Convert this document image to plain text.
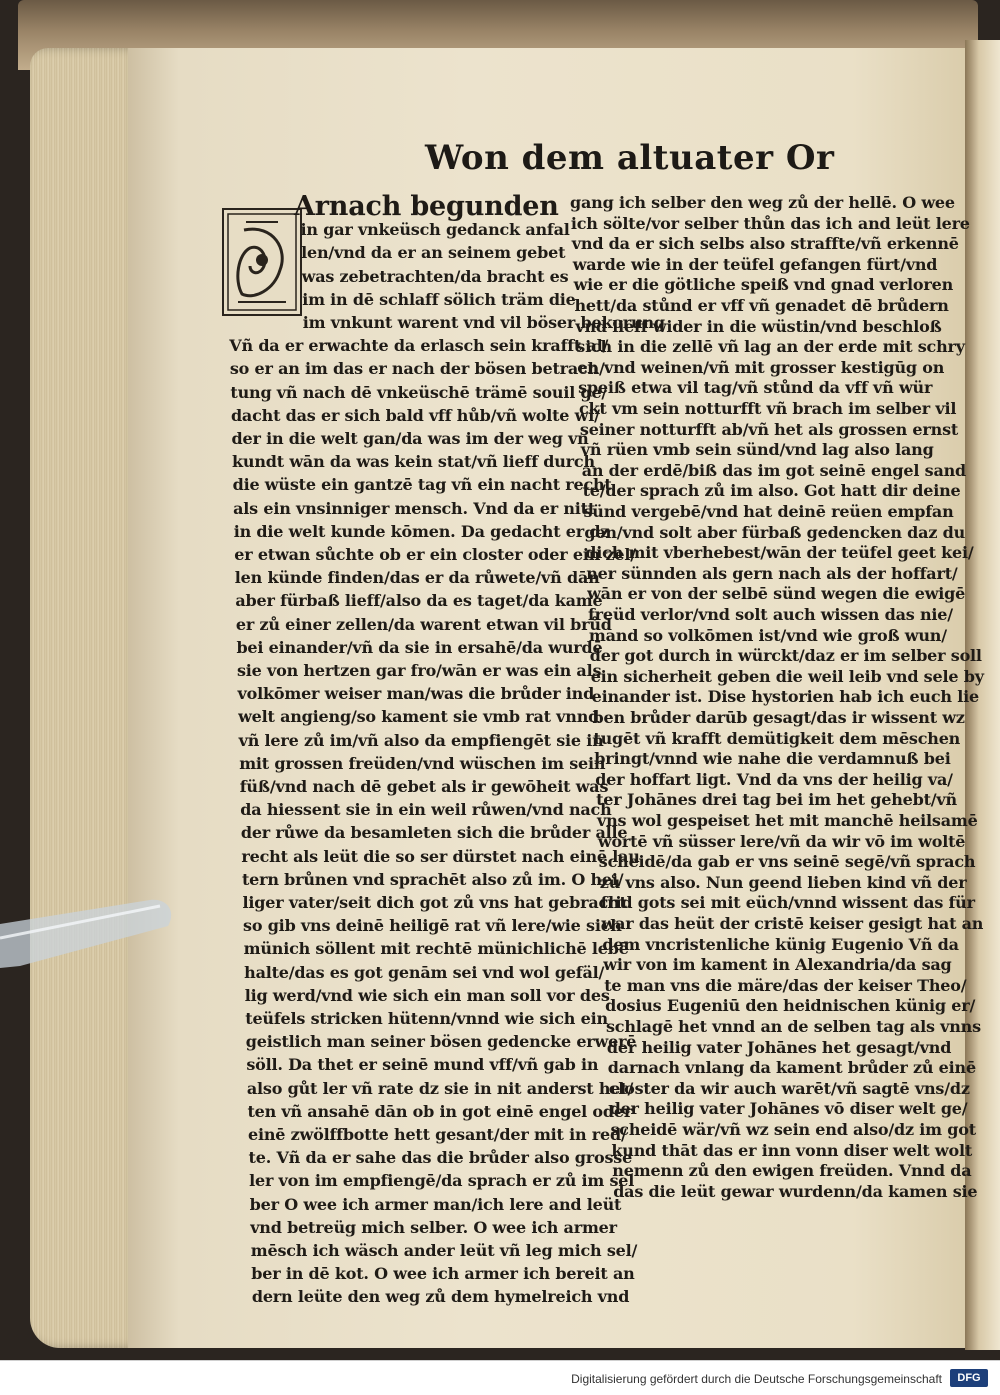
Won dem altuater Or
Arnach begunden
in gar vnkeüsch gedanck anfal
len/vnd da er an seinem gebet
was zebetrachten/da bracht es
im in dē schlaff sölich träm die
im vnkunt warent vnd vil böser bekorung
Vñ da er erwachte da erlasch sein krafft al/
so er an im das er nach der bösen betrach/
tung vñ nach dē vnkeüschē trämē souil ge/
dacht das er sich bald vff hůb/vñ wolte wi/
der in die welt gan/da was im der weg vn
kundt wān da was kein stat/vñ lieff durch
die wüste ein gantzē tag vñ ein nacht recht
als ein vnsinniger mensch. Vnd da er nitt
in die welt kunde kōmen. Da gedacht er dz
er etwan sůchte ob er ein closter oder ein zel/
len künde finden/das er da růwete/vñ dān
aber fürbaß lieff/also da es taget/da kame
er zů einer zellen/da warent etwan vil brůd
bei einander/vñ da sie in ersahē/da wurdē
sie von hertzen gar fro/wān er was ein als
volkōmer weiser man/was die brůder ind
welt angieng/so kament sie vmb rat vnnd
vñ lere zů im/vñ also da empfiengēt sie in
mit grossen freüden/vnd wüschen im sein
füß/vnd nach dē gebet als ir gewōheit was
da hiessent sie in ein weil růwen/vnd nach
der růwe da besamleten sich die brůder alle
recht als leüt die so ser dürstet nach einē lau
tern brůnen vnd sprachēt also zů im. O hei/
liger vater/seit dich got zů vns hat gebracht
so gib vns deinē heiligē rat vñ lere/wie sich
münich söllent mit rechtē münichlichē lebē
halte/das es got genām sei vnd wol gefäl/
lig werd/vnd wie sich ein man soll vor des
teüfels stricken hütenn/vnnd wie sich ein
geistlich man seiner bösen gedencke erwerē
söll. Da thet er seinē mund vff/vñ gab in
also gůt ler vñ rate dz sie in nit anderst het/
ten vñ ansahē dān ob in got einē engel oder
einē zwölffbotte hett gesant/der mit in red/
te. Vñ da er sahe das die brůder also grosse
ler von im empfiengē/da sprach er zů im sel
ber O wee ich armer man/ich lere and leüt
vnd betreüg mich selber. O wee ich armer
mēsch ich wäsch ander leüt vñ leg mich sel/
ber in dē kot. O wee ich armer ich bereit an
dern leüte den weg zů dem hymelreich vnd
gang ich selber den weg zů der hellē. O wee
ich sölte/vor selber thůn das ich and leüt lere
vnd da er sich selbs also straffte/vñ erkennē
warde wie in der teüfel gefangen fürt/vnd
wie er die götliche speiß vnd gnad verloren
hett/da stůnd er vff vñ genadet dē brůdern
vnd lieff wider in die wüstin/vnd beschloß
sich in die zellē vñ lag an der erde mit schry
en vnd weinen/vñ mit grosser kestigūg on
speiß etwa vil tag/vñ stůnd da vff vñ wür
ckt vm sein notturfft vñ brach im selber vil
seiner notturfft ab/vñ het als grossen ernst
vñ rüen vmb sein sünd/vnd lag also lang
an der erdē/biß das im got seinē engel sand
te/der sprach zů im also. Got hatt dir deine
sünd vergebē/vnd hat deinē reüen empfan
gen/vnd solt aber fürbaß gedencken daz du
dich mit vberhebest/wān der teüfel geet kei/
ner sünnden als gern nach als der hoffart/
wān er von der selbē sünd wegen die ewigē
freüd verlor/vnd solt auch wissen das nie/
mand so volkōmen ist/vnd wie groß wun/
der got durch in würckt/daz er im selber soll
ein sicherheit geben die weil leib vnd sele by
einander ist. Dise hystorien hab ich euch lie
ben brůder darūb gesagt/das ir wissent wz
tugēt vñ krafft demütigkeit dem mēschen
bringt/vnnd wie nahe die verdamnuß bei
der hoffart ligt. Vnd da vns der heilig va/
ter Johānes drei tag bei im het gehebt/vñ
vns wol gespeiset het mit manchē heilsamē
wortē vñ süsser lere/vñ da wir vō im woltē
scheidē/da gab er vns seinē segē/vñ sprach
zů vns also. Nun geend lieben kind vñ der
frid gots sei mit eüch/vnnd wissent das für
war das heüt der cristē keiser gesigt hat an
dem vncristenliche künig Eugenio Vñ da
wir von im kament in Alexandria/da sag
te man vns die märe/das der keiser Theo/
dosius Eugeniū den heidnischen künig er/
schlagē het vnnd an de selben tag als vnns
der heilig vater Johānes het gesagt/vnd
darnach vnlang da kament brůder zů einē
closter da wir auch warēt/vñ sagtē vns/dz
der heilig vater Johānes vō diser welt ge/
scheidē wär/vñ wz sein end also/dz im got
kund thāt das er inn vonn diser welt wolt
nemenn zů den ewigen freüden. Vnnd da
das die leüt gewar wurdenn/da kamen sie
Digitalisierung gefördert durch die Deutsche Forschungsgemeinschaft	DFG
